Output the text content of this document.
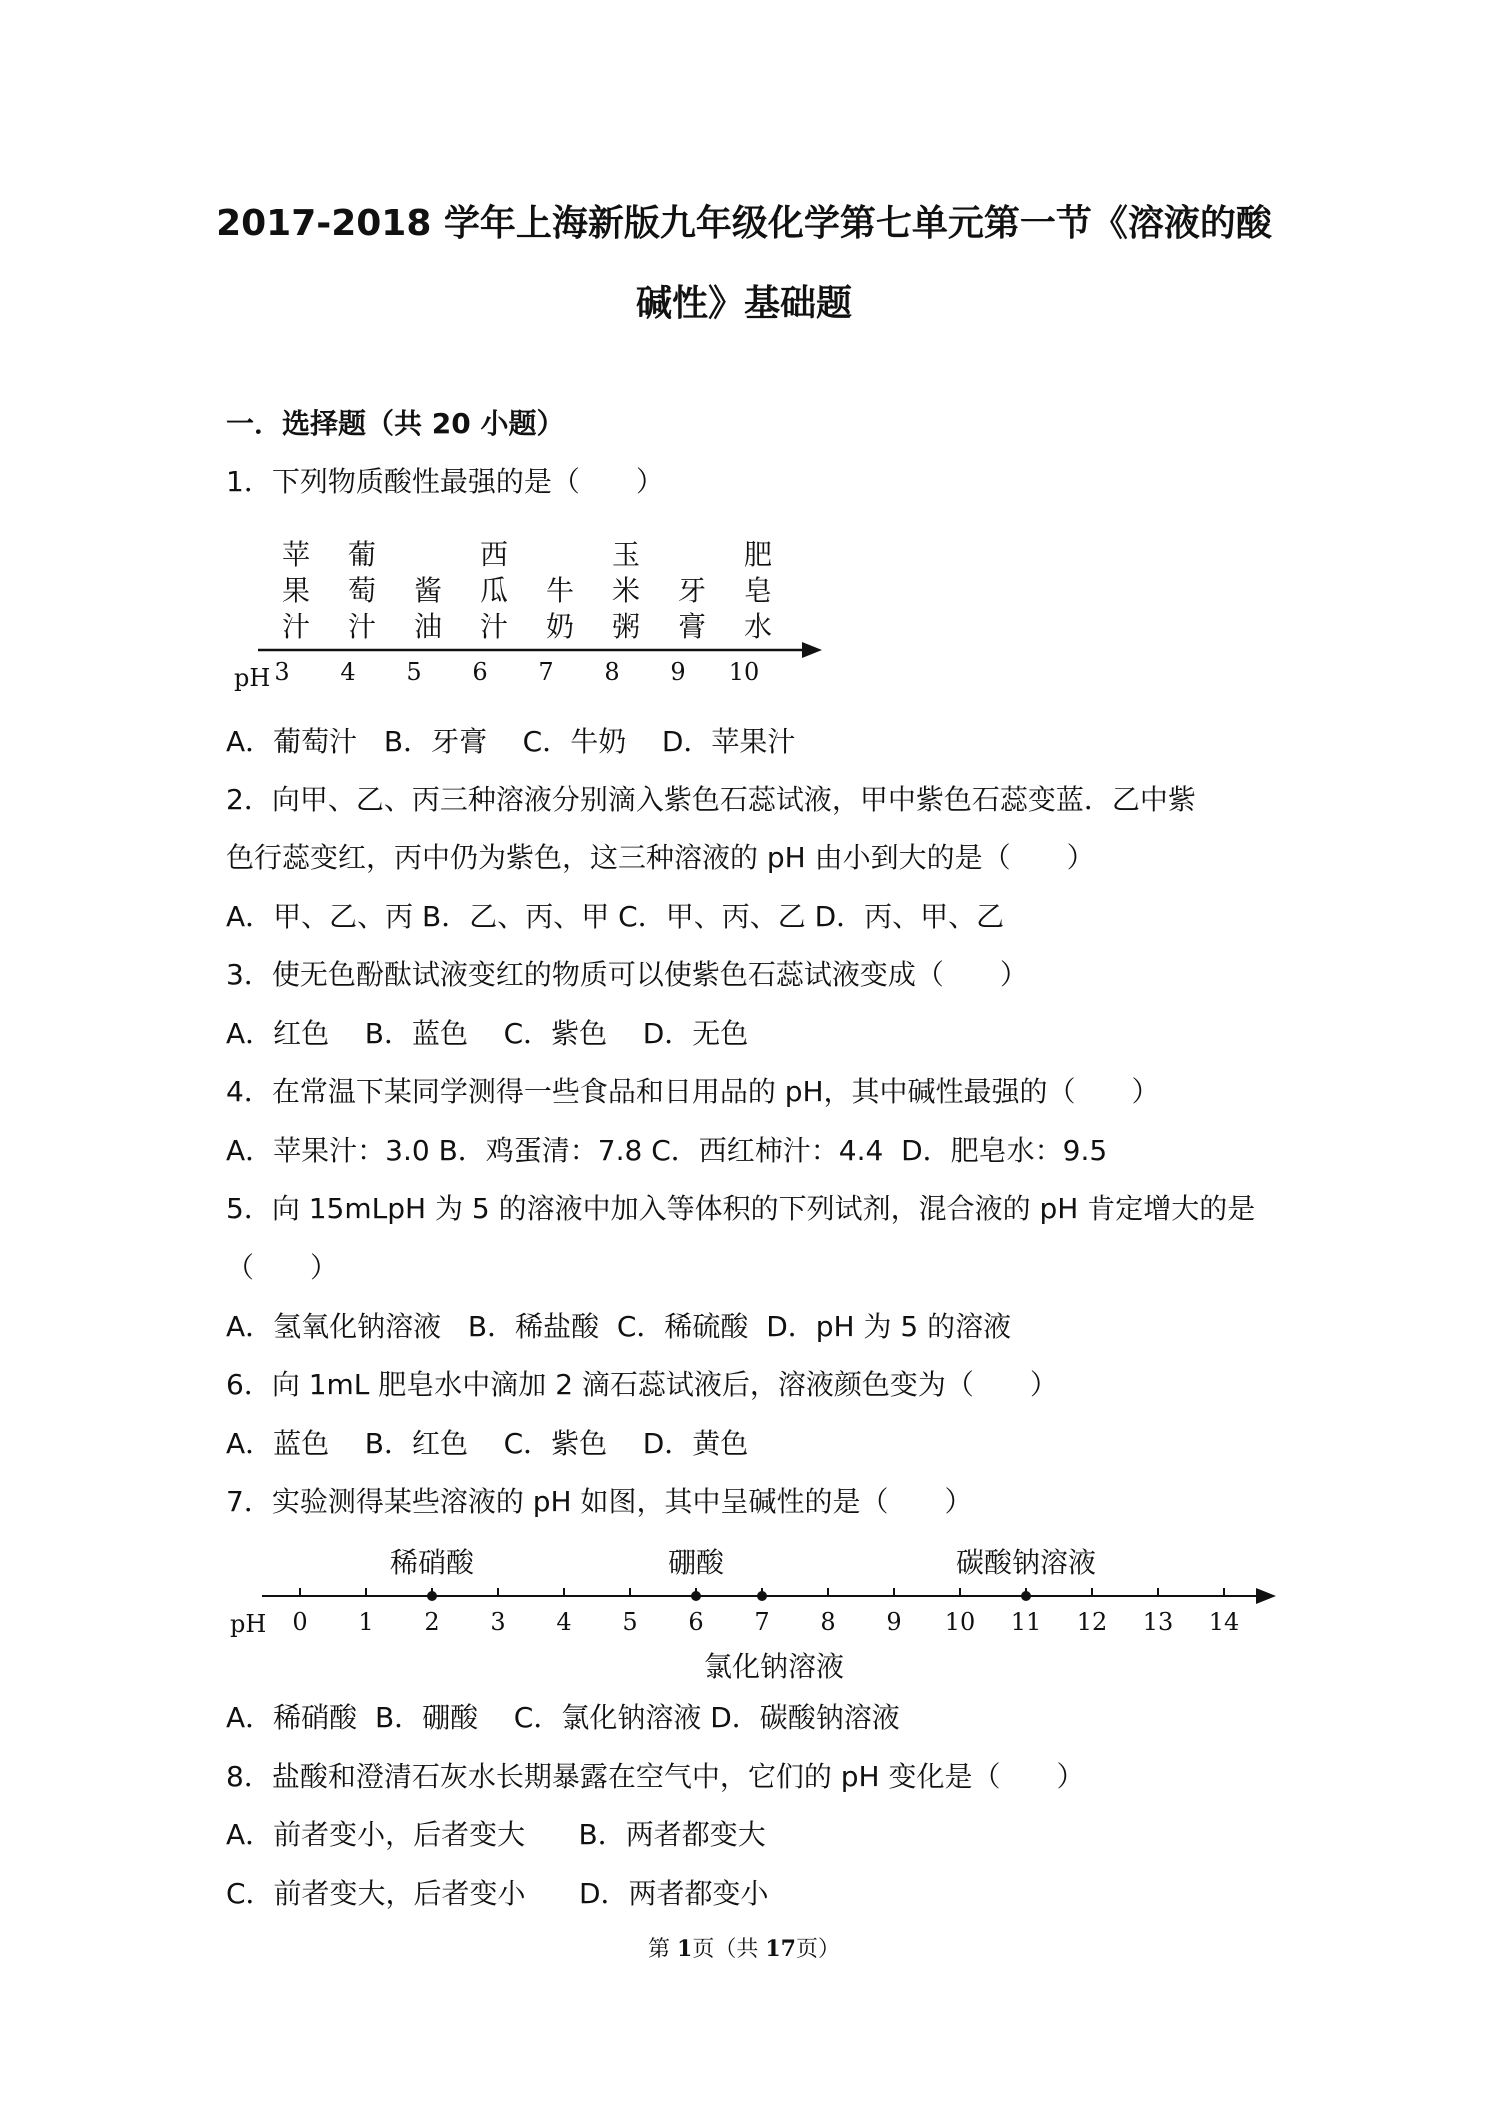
2017-2018 学年上海新版九年级化学第七单元第一节《溶液的酸
碱性》基础题
一．选择题（共 20 小题）
1．下列物质酸性最强的是（　　）
pH 3 4 5 6 7 8 9 10
苹
果
汁
葡
萄
汁
酱
油
西
瓜
汁
牛
奶
玉
米
粥
牙
膏
肥
皂
水
pH 0 1 2 3 4 5 6 7 8 9 10 11 12 13 14
稀硝酸	硼酸
氯化钠溶液
碳酸钠溶液
A．葡萄汁   B．牙膏    C．牛奶    D．苹果汁
2．向甲、乙、丙三种溶液分别滴入紫色石蕊试液，甲中紫色石蕊变蓝．乙中紫
色行蕊变红，丙中仍为紫色，这三种溶液的 pH 由小到大的是（　　）
A．甲、乙、丙 B．乙、丙、甲 C．甲、丙、乙 D．丙、甲、乙
3．使无色酚酞试液变红的物质可以使紫色石蕊试液变成（　　）
A．红色    B．蓝色    C．紫色    D．无色
4．在常温下某同学测得一些食品和日用品的 pH，其中碱性最强的（　　）
A．苹果汁：3.0 B．鸡蛋清：7.8 C．西红柿汁：4.4  D．肥皂水：9.5
5．向 15mLpH 为 5 的溶液中加入等体积的下列试剂，混合液的 pH 肯定增大的是
（　　）
A．氢氧化钠溶液   B．稀盐酸  C．稀硫酸  D．pH 为 5 的溶液
6．向 1mL 肥皂水中滴加 2 滴石蕊试液后，溶液颜色变为（　　）
A．蓝色    B．红色    C．紫色    D．黄色
7．实验测得某些溶液的 pH 如图，其中呈碱性的是（　　）
A．稀硝酸  B．硼酸    C．氯化钠溶液 D．碳酸钠溶液
8．盐酸和澄清石灰水长期暴露在空气中，它们的 pH 变化是（　　）
A．前者变小，后者变大      B．两者都变大
C．前者变大，后者变小      D．两者都变小
第 1页（共 17页）
